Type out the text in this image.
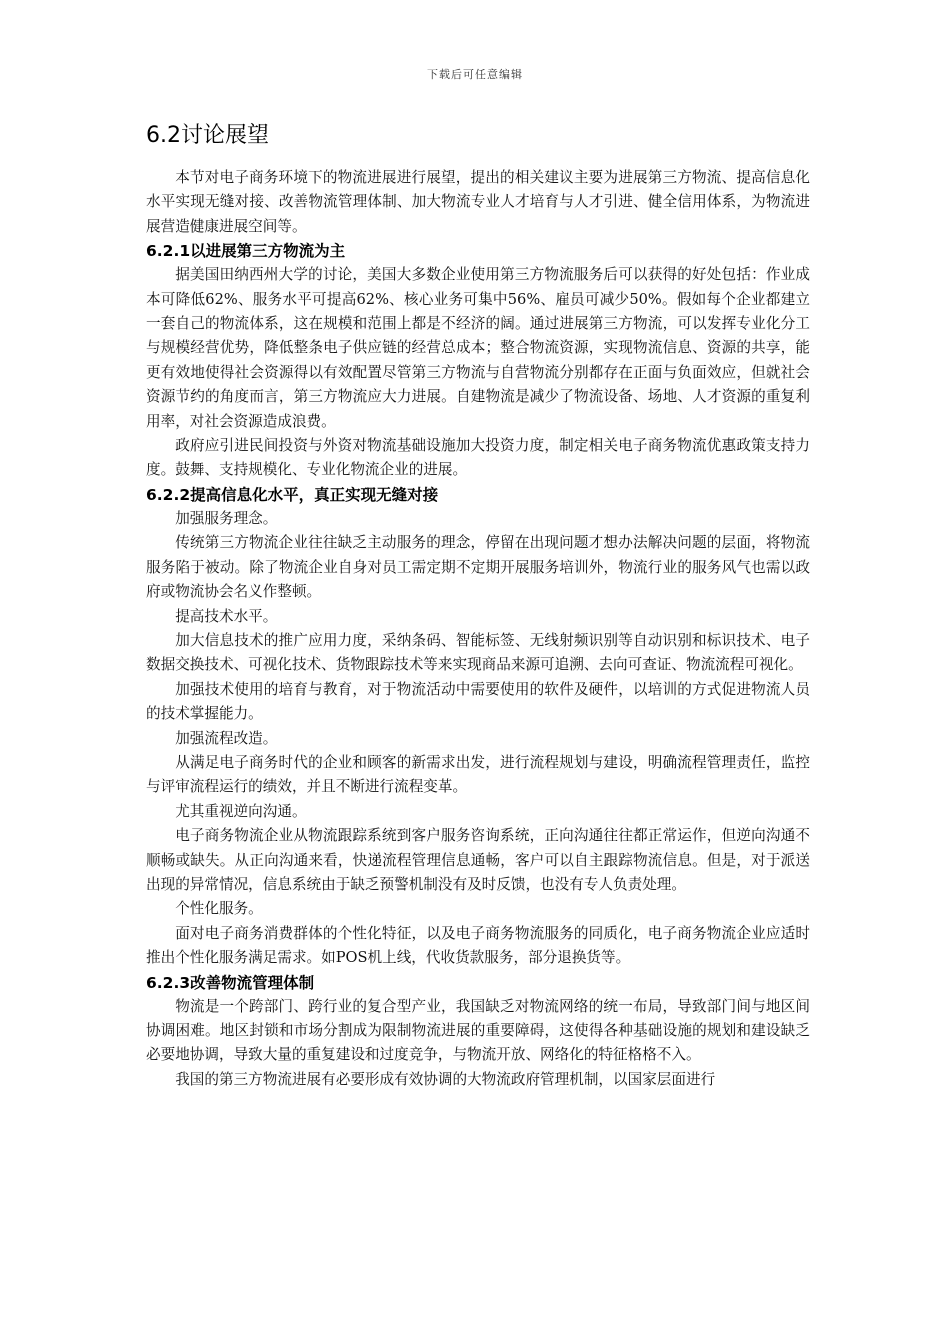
下载后可任意编辑
6.2讨论展望

本节对电子商务环境下的物流进展进行展望，提出的相关建议主要为进展第三方物流、提高信息化水平实现无缝对接、改善物流管理体制、加大物流专业人才培育与人才引进、健全信用体系，为物流进展营造健康进展空间等。

6.2.1以进展第三方物流为主

据美国田纳西州大学的讨论，美国大多数企业使用第三方物流服务后可以获得的好处包括：作业成本可降低62%、服务水平可提高62%、核心业务可集中56%、雇员可减少50%。假如每个企业都建立一套自己的物流体系，这在规模和范围上都是不经济的阔。通过进展第三方物流，可以发挥专业化分工与规模经营优势，降低整条电子供应链的经营总成本；整合物流资源，实现物流信息、资源的共享，能更有效地使得社会资源得以有效配置尽管第三方物流与自营物流分别都存在正面与负面效应，但就社会资源节约的角度而言，第三方物流应大力进展。自建物流是减少了物流设备、场地、人才资源的重复利用率，对社会资源造成浪费。

政府应引进民间投资与外资对物流基础设施加大投资力度，制定相关电子商务物流优惠政策支持力度。鼓舞、支持规模化、专业化物流企业的进展。

6.2.2提高信息化水平，真正实现无缝对接

加强服务理念。

传统第三方物流企业往往缺乏主动服务的理念，停留在出现问题才想办法解决问题的层面，将物流服务陷于被动。除了物流企业自身对员工需定期不定期开展服务培训外，物流行业的服务风气也需以政府或物流协会名义作整顿。

提高技术水平。

加大信息技术的推广应用力度，采纳条码、智能标签、无线射频识别等自动识别和标识技术、电子数据交换技术、可视化技术、货物跟踪技术等来实现商品来源可追溯、去向可查证、物流流程可视化。

加强技术使用的培育与教育，对于物流活动中需要使用的软件及硬件，以培训的方式促进物流人员的技术掌握能力。

加强流程改造。

从满足电子商务时代的企业和顾客的新需求出发，进行流程规划与建设，明确流程管理责任，监控与评审流程运行的绩效，并且不断进行流程变革。

尤其重视逆向沟通。

电子商务物流企业从物流跟踪系统到客户服务咨询系统，正向沟通往往都正常运作，但逆向沟通不顺畅或缺失。从正向沟通来看，快递流程管理信息通畅，客户可以自主跟踪物流信息。但是，对于派送出现的异常情况，信息系统由于缺乏预警机制没有及时反馈，也没有专人负责处理。

个性化服务。

面对电子商务消费群体的个性化特征，以及电子商务物流服务的同质化，电子商务物流企业应适时推出个性化服务满足需求。如POS机上线，代收货款服务，部分退换货等。

6.2.3改善物流管理体制

物流是一个跨部门、跨行业的复合型产业，我国缺乏对物流网络的统一布局，导致部门间与地区间协调困难。地区封锁和市场分割成为限制物流进展的重要障碍，这使得各种基础设施的规划和建设缺乏必要地协调，导致大量的重复建设和过度竞争，与物流开放、网络化的特征格格不入。

我国的第三方物流进展有必要形成有效协调的大物流政府管理机制，以国家层面进行
